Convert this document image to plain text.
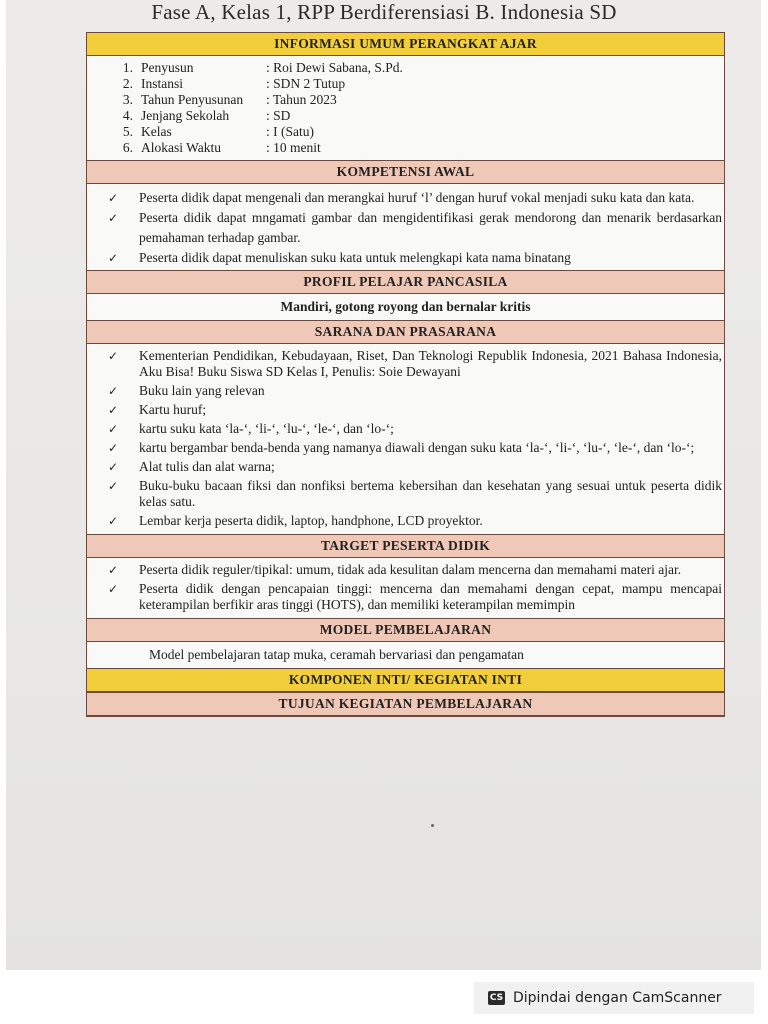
Fase A, Kelas 1, RPP Berdiferensiasi B. Indonesia SD
INFORMASI UMUM PERANGKAT AJAR
1. Penyusun	: Roi Dewi Sabana, S.Pd.
2. Instansi	: SDN 2 Tutup
3. Tahun Penyusunan	: Tahun 2023
4. Jenjang Sekolah	: SD
5. Kelas	: I (Satu)
6. Alokasi Waktu	: 10 menit
KOMPETENSI AWAL
✓	Peserta didik dapat mengenali dan merangkai huruf ‘l’ dengan huruf vokal menjadi suku kata dan kata.
✓	Peserta didik dapat mngamati gambar dan mengidentifikasi gerak mendorong dan menarik berdasarkan pemahaman terhadap gambar.
✓	Peserta didik dapat menuliskan suku kata untuk melengkapi kata nama binatang
PROFIL PELAJAR PANCASILA
Mandiri, gotong royong dan bernalar kritis
SARANA DAN PRASARANA
✓	Kementerian Pendidikan, Kebudayaan, Riset, Dan Teknologi Republik Indonesia, 2021 Bahasa Indonesia, Aku Bisa! Buku Siswa SD Kelas I, Penulis: Soie Dewayani
✓	Buku lain yang relevan
✓	Kartu huruf;
✓	kartu suku kata ‘la-‘, ‘li-‘, ‘lu-‘, ‘le-‘, dan ‘lo-‘;
✓	kartu bergambar benda-benda yang namanya diawali dengan suku kata ‘la-‘, ‘li-‘, ‘lu-‘, ‘le-‘, dan ‘lo-‘;
✓	Alat tulis dan alat warna;
✓	Buku-buku bacaan fiksi dan nonfiksi bertema kebersihan dan kesehatan yang sesuai untuk peserta didik kelas satu.
✓	Lembar kerja peserta didik, laptop, handphone, LCD proyektor.
TARGET PESERTA DIDIK
✓	Peserta didik reguler/tipikal: umum, tidak ada kesulitan dalam mencerna dan memahami materi ajar.
✓	Peserta didik dengan pencapaian tinggi: mencerna dan memahami dengan cepat, mampu mencapai keterampilan berfikir aras tinggi (HOTS), dan memiliki keterampilan memimpin
MODEL PEMBELAJARAN
Model pembelajaran tatap muka, ceramah bervariasi dan pengamatan
KOMPONEN INTI/ KEGIATAN INTI
TUJUAN KEGIATAN PEMBELAJARAN
CS Dipindai dengan CamScanner
